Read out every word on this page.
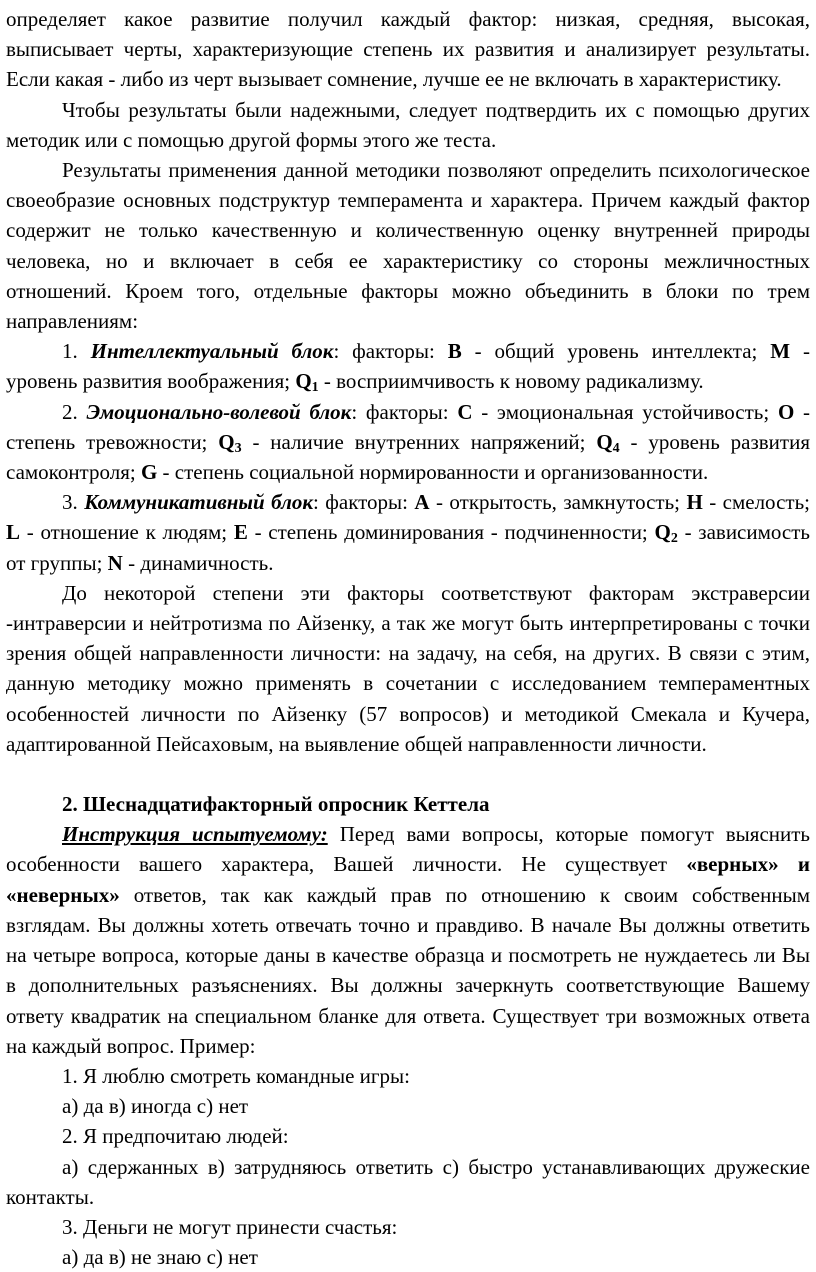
определяет какое развитие получил каждый фактор: низкая, средняя, высокая, выписывает черты, характеризующие степень их развития и анализирует результаты. Если какая - либо из черт вызывает сомнение, лучше ее не включать в характеристику.

Чтобы результаты были надежными, следует подтвердить их с помощью других методик или с помощью другой формы этого же теста.

Результаты применения данной методики позволяют определить психологическое своеобразие основных подструктур темперамента и характера. Причем каждый фактор содержит не только качественную и количественную оценку внутренней природы человека, но и включает в себя ее характеристику со стороны межличностных отношений. Кроем того, отдельные факторы можно объединить в блоки по трем направлениям:

1. Интеллектуальный блок: факторы: B - общий уровень интеллекта; M - уровень развития воображения; $Q_1$ - восприимчивость к новому радикализму.

2. Эмоционально-волевой блок: факторы: C - эмоциональная устойчивость; O - степень тревожности; $Q_3$ - наличие внутренних напряжений; $Q_4$ - уровень развития самоконтроля; G - степень социальной нормированности и организованности.

3. Коммуникативный блок: факторы: A - открытость, замкнутость; H - смелость; L - отношение к людям; E - степень доминирования - подчиненности; $Q_2$ - зависимость от группы; N - динамичность.

До некоторой степени эти факторы соответствуют факторам экстраверсии -интраверсии и нейтротизма по Айзенку, а так же могут быть интерпретированы с точки зрения общей направленности личности: на задачу, на себя, на других. В связи с этим, данную методику можно применять в сочетании с исследованием темпераментных особенностей личности по Айзенку (57 вопросов) и методикой Смекала и Кучера, адаптированной Пейсаховым, на выявление общей направленности личности.

2. Шеснадцатифакторный опросник Кеттела

Инструкция испытуемому: Перед вами вопросы, которые помогут выяснить особенности вашего характера, Вашей личности. Не существует «верных» и «неверных» ответов, так как каждый прав по отношению к своим собственным взглядам. Вы должны хотеть отвечать точно и правдиво. В начале Вы должны ответить на четыре вопроса, которые даны в качестве образца и посмотреть не нуждаетесь ли Вы в дополнительных разъяснениях. Вы должны зачеркнуть соответствующие Вашему ответу квадратик на специальном бланке для ответа. Существует три возможных ответа на каждый вопрос. Пример:

1. Я люблю смотреть командные игры:

а) да в) иногда с) нет

2. Я предпочитаю людей:

а) сдержанных в) затрудняюсь ответить с) быстро устанавливающих дружеские контакты.

3. Деньги не могут принести счастья:

а) да в) не знаю с) нет
